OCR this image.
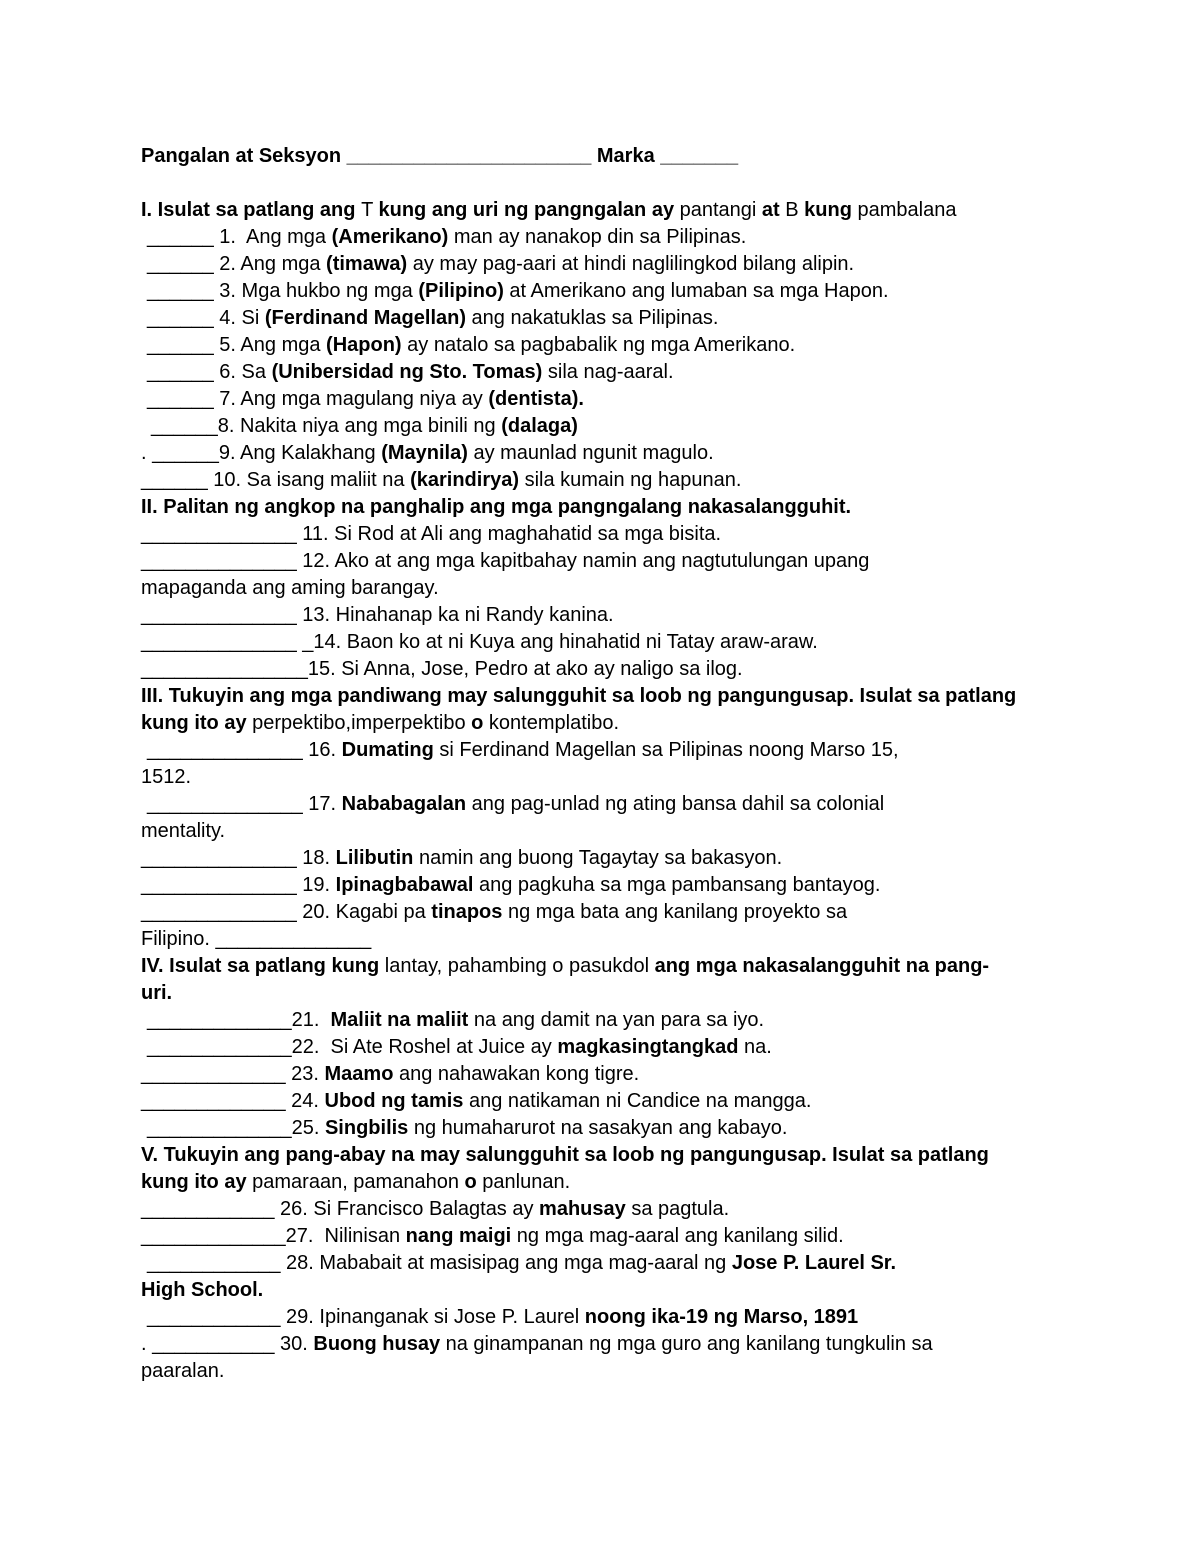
Pangalan at Seksyon ______________________ Marka _______
I. Isulat sa patlang ang T kung ang uri ng pangngalan ay pantangi at B kung pambalana
______ 1.  Ang mga (Amerikano) man ay nanakop din sa Pilipinas.
______ 2. Ang mga (timawa) ay may pag-aari at hindi naglilingkod bilang alipin.
______ 3. Mga hukbo ng mga (Pilipino) at Amerikano ang lumaban sa mga Hapon.
______ 4. Si (Ferdinand Magellan) ang nakatuklas sa Pilipinas.
______ 5. Ang mga (Hapon) ay natalo sa pagbabalik ng mga Amerikano.
______ 6. Sa (Unibersidad ng Sto. Tomas) sila nag-aaral.
______ 7. Ang mga magulang niya ay (dentista).
______8. Nakita niya ang mga binili ng (dalaga)
. ______9. Ang Kalakhang (Maynila) ay maunlad ngunit magulo.
______ 10. Sa isang maliit na (karindirya) sila kumain ng hapunan.
II. Palitan ng angkop na panghalip ang mga pangngalang nakasalangguhit.
______________ 11. Si Rod at Ali ang maghahatid sa mga bisita.
______________ 12. Ako at ang mga kapitbahay namin ang nagtutulungan upang
mapaganda ang aming barangay.
______________ 13. Hinahanap ka ni Randy kanina.
______________ _14. Baon ko at ni Kuya ang hinahatid ni Tatay araw-araw.
_______________15. Si Anna, Jose, Pedro at ako ay naligo sa ilog.
III. Tukuyin ang mga pandiwang may salungguhit sa loob ng pangungusap. Isulat sa patlang
kung ito ay perpektibo,imperpektibo o kontemplatibo.
______________ 16. Dumating si Ferdinand Magellan sa Pilipinas noong Marso 15,
1512.
______________ 17. Nababagalan ang pag-unlad ng ating bansa dahil sa colonial
mentality.
______________ 18. Lilibutin namin ang buong Tagaytay sa bakasyon.
______________ 19. Ipinagbabawal ang pagkuha sa mga pambansang bantayog.
______________ 20. Kagabi pa tinapos ng mga bata ang kanilang proyekto sa
Filipino. ______________
IV. Isulat sa patlang kung lantay, pahambing o pasukdol ang mga nakasalangguhit na pang-
uri.
_____________21.  Maliit na maliit na ang damit na yan para sa iyo.
_____________22.  Si Ate Roshel at Juice ay magkasingtangkad na.
_____________ 23. Maamo ang nahawakan kong tigre.
_____________ 24. Ubod ng tamis ang natikaman ni Candice na mangga.
_____________25. Singbilis ng humaharurot na sasakyan ang kabayo.
V. Tukuyin ang pang-abay na may salungguhit sa loob ng pangungusap. Isulat sa patlang
kung ito ay pamaraan, pamanahon o panlunan.
____________ 26. Si Francisco Balagtas ay mahusay sa pagtula.
_____________27.  Nilinisan nang maigi ng mga mag-aaral ang kanilang silid.
____________ 28. Mababait at masisipag ang mga mag-aaral ng Jose P. Laurel Sr.
High School.
____________ 29. Ipinanganak si Jose P. Laurel noong ika-19 ng Marso, 1891
. ___________ 30. Buong husay na ginampanan ng mga guro ang kanilang tungkulin sa
paaralan.
